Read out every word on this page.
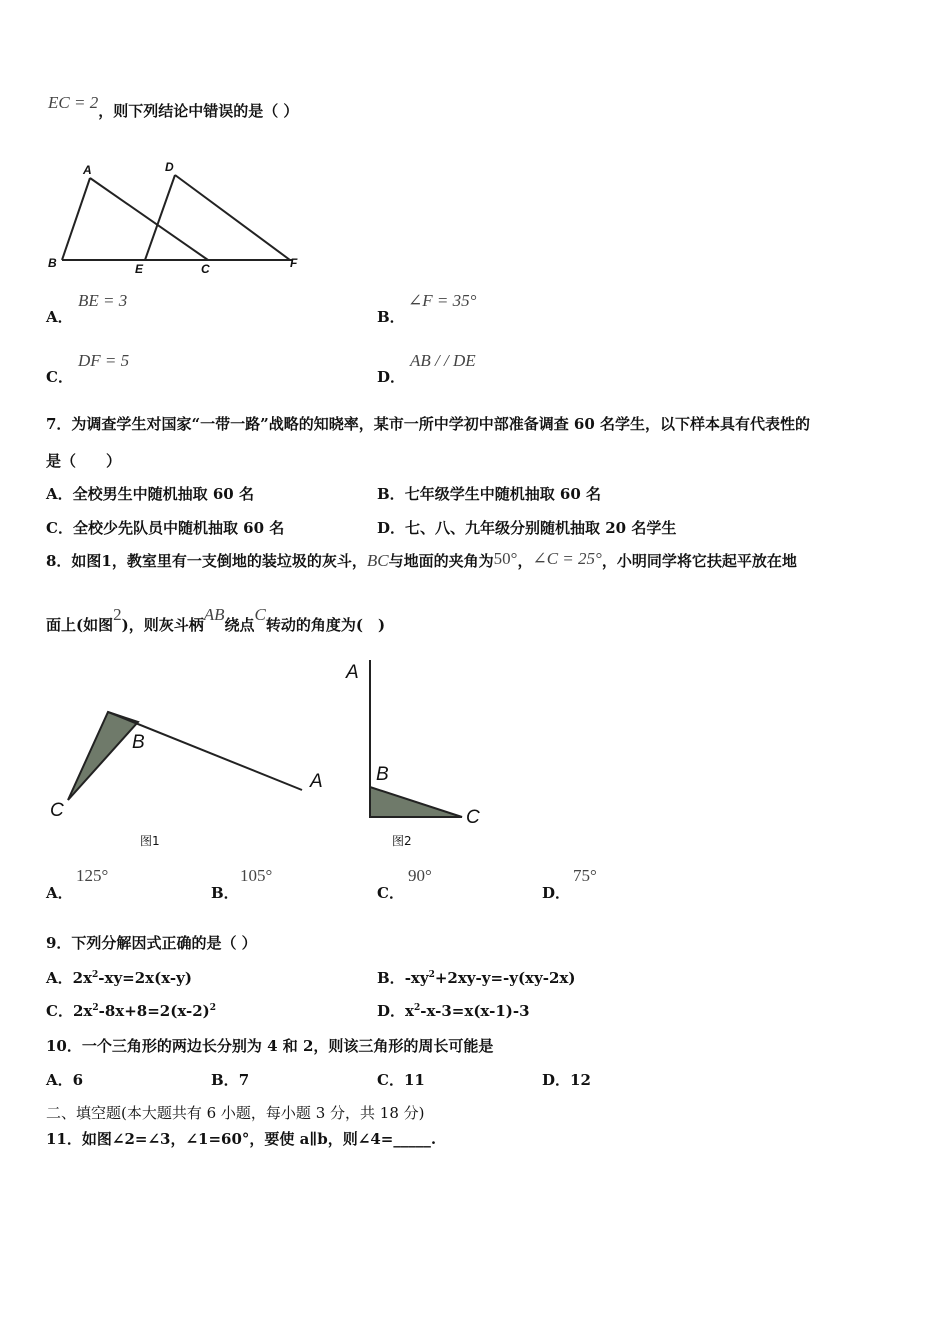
EC = 2，则下列结论中错误的是（ ）
A	D
B	E	C	F
A．
BE = 3
B．
∠F = 35°
C．
DF = 5
D．
AB / / DE
7．为调查学生对国家“一带一路”战略的知晓率，某市一所中学初中部准备调查 60 名学生，以下样本具有代表性的
是（　　）
A．全校男生中随机抽取 60 名	B．七年级学生中随机抽取 60 名
C．全校少先队员中随机抽取 60 名	D．七、八、九年级分别随机抽取 20 名学生
8．如图1，教室里有一支倒地的装垃圾的灰斗，BC与地面的夹角为50°，∠C = 25°，小明同学将它扶起平放在地
面上(如图2)，则灰斗柄AB绕点C转动的角度为(　)
B
C
A
图1
A
B
C
图2
A．
125°
B．
105°
C．
90°
D．
75°
9．下列分解因式正确的是（ ）
A．$2x^2-xy=2x(x-y)$	B．$-xy^2+2xy-y=-y(xy-2x)$
C．$2x^2-8x+8=2(x-2)^2$	D．$x^2-x-3=x(x-1)-3$
10．一个三角形的两边长分别为 4 和 2，则该三角形的周长可能是
A．6	B．7	C．11	D．12
二、填空题(本大题共有 6 小题，每小题 3 分，共 18 分)
11．如图∠2=∠3，∠1=60°，要使 a∥b，则∠4=_____.
